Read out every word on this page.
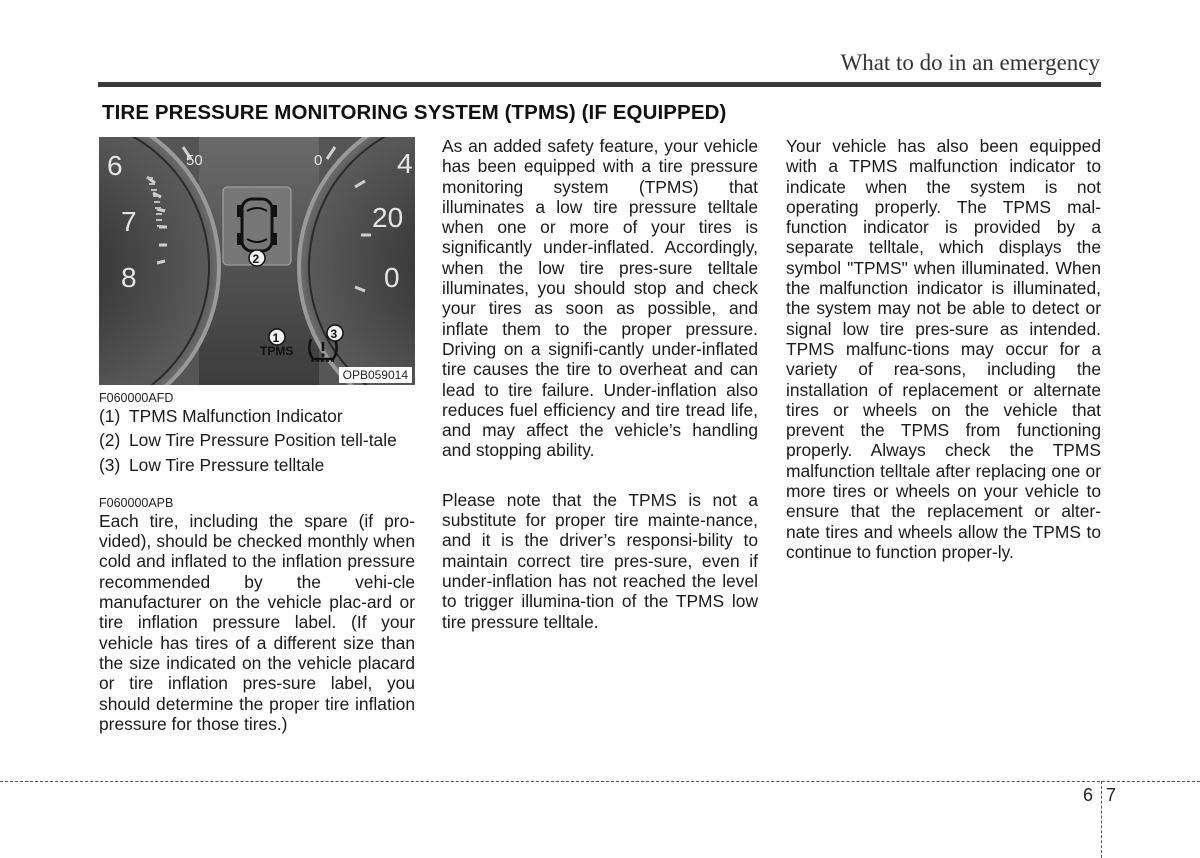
What to do in an emergency
TIRE PRESSURE MONITORING SYSTEM (TPMS) (IF EQUIPPED)
6
7
8
50	0	4
20
0
2
1
TPMS
3
OPB059014

F060000AFD

(1) TPMS Malfunction Indicator
(2) Low Tire Pressure Position tell-tale
(3) Low Tire Pressure telltale

F060000APB

Each tire, including the spare (if pro-vided), should be checked monthly when cold and inflated to the inflation pressure recommended by the vehi-cle manufacturer on the vehicle plac-ard or tire inflation pressure label. (If your vehicle has tires of a different size than the size indicated on the vehicle placard or tire inflation pres-sure label, you should determine the proper tire inflation pressure for those tires.)

As an added safety feature, your vehicle has been equipped with a tire pressure monitoring system (TPMS) that illuminates a low tire pressure telltale when one or more of your tires is significantly under-inflated. Accordingly, when the low tire pres-sure telltale illuminates, you should stop and check your tires as soon as possible, and inflate them to the proper pressure. Driving on a signifi-cantly under-inflated tire causes the tire to overheat and can lead to tire failure. Under-inflation also reduces fuel efficiency and tire tread life, and may affect the vehicle’s handling and stopping ability.

Please note that the TPMS is not a substitute for proper tire mainte-nance, and it is the driver’s responsi-bility to maintain correct tire pres-sure, even if under-inflation has not reached the level to trigger illumina-tion of the TPMS low tire pressure telltale.

Your vehicle has also been equipped with a TPMS malfunction indicator to indicate when the system is not operating properly. The TPMS mal-function indicator is provided by a separate telltale, which displays the symbol "TPMS" when illuminated. When the malfunction indicator is illuminated, the system may not be able to detect or signal low tire pres-sure as intended. TPMS malfunc-tions may occur for a variety of rea-sons, including the installation of replacement or alternate tires or wheels on the vehicle that prevent the TPMS from functioning properly. Always check the TPMS malfunction telltale after replacing one or more tires or wheels on your vehicle to ensure that the replacement or alter-nate tires and wheels allow the TPMS to continue to function proper-ly.

6 7
